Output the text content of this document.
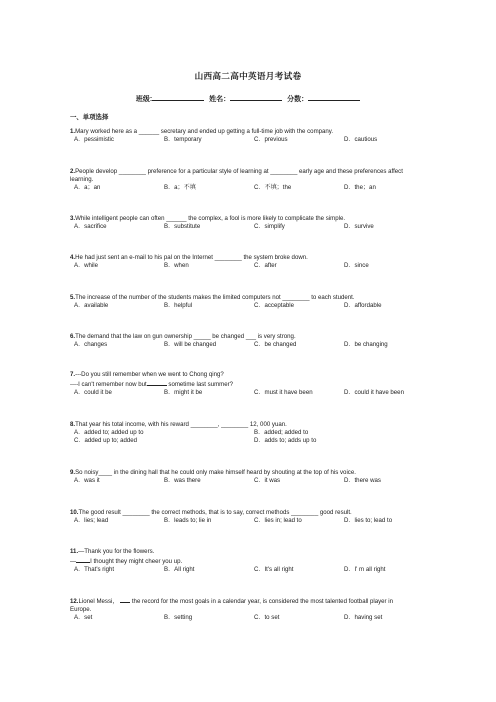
山西高二高中英语月考试卷
班级:	姓名：	分数：
一、单项选择
1.Mary worked here as a ______ secretary and ended up getting a full-time job with the company.
A．pessimistic	B．temporary	C．previous	D．cautious
2.People develop ________ preference for a particular style of learning at ________ early age and these preferences affect learning.
A．a；an	B．a；不填	C．不填；the	D．the；an
3.While intelligent people can often ______ the complex, a fool is more likely to complicate the simple.
A．sacrifice	B．substitute	C．simplify	D．survive
4.He had just sent an e-mail to his pal on the Internet ________ the system broke down.
A．while	B．when	C．after	D．since
5.The increase of the number of the students makes the limited computers not ________ to each student.
A．available	B．helpful	C．acceptable	D．affordable
6.The demand that the law on gun ownership _____ be changed ___ is very strong.
A．changes	B．will be changed	C．be changed	D．be changing
7.---Do you still remember when we went to Chong qing?
----I can't remember now but	sometime last summer?
A．could it be	B．might it be	C．must it have been	D．could it have been
8.That year his total income, with his reward ________, ________ 12, 000 yuan.
A．added to; added up to	B．added; added to
C．added up to; added	D．adds to; adds up to
9.So noisy____ in the dining hall that he could only make himself heard by shouting at the top of his voice.
A．was it	B．was there	C．it was	D．there was
10.The good result ________ the correct methods, that is to say, correct methods ________ good result.
A．lies; lead	B．leads to; lie in	C．lies in; lead to	D．lies to; lead to
11.—Thank you for the flowers.
— I thought they might cheer you up.
A．That's right	B．All right	C．It's all right	D．I' m all right
12.Lionel Messi， the record for the most goals in a calendar year, is considered the most talented football player in Europe.
A．set	B．setting	C．to set	D．having set
